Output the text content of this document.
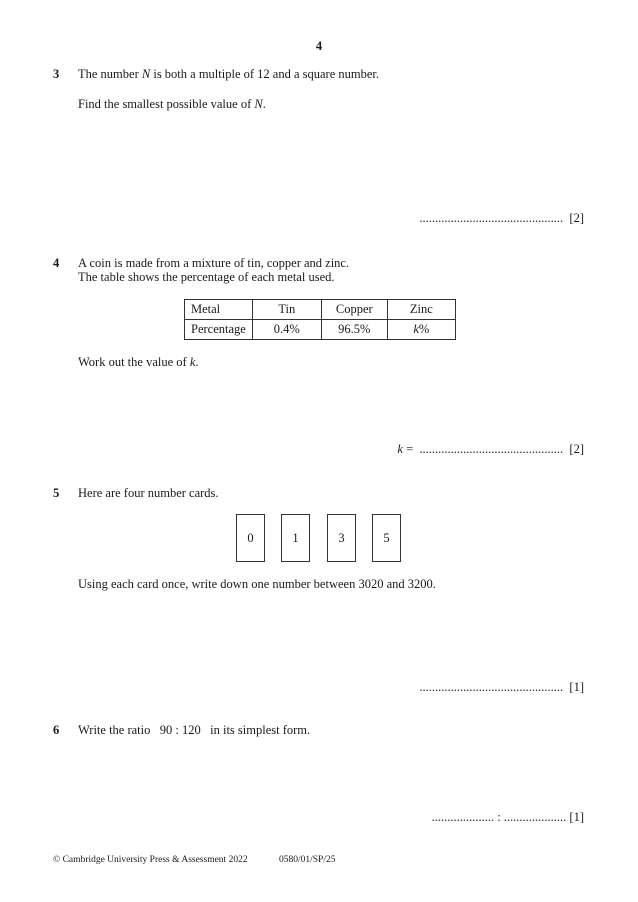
4
3 The number N is both a multiple of 12 and a square number.
Find the smallest possible value of N.
.............................................. [2]
4 A coin is made from a mixture of tin, copper and zinc.
The table shows the percentage of each metal used.
Metal	Tin	Copper	Zinc
Percentage	0.4%	96.5%	k%
Work out the value of k.
k =  .............................................. [2]
5 Here are four number cards.
0	1	3	5
Using each card once, write down one number between 3020 and 3200.
.............................................. [1]
6 Write the ratio 90 : 120 in its simplest form.
.................... : .................... [1]
© Cambridge University Press & Assessment 2022	0580/01/SP/25
